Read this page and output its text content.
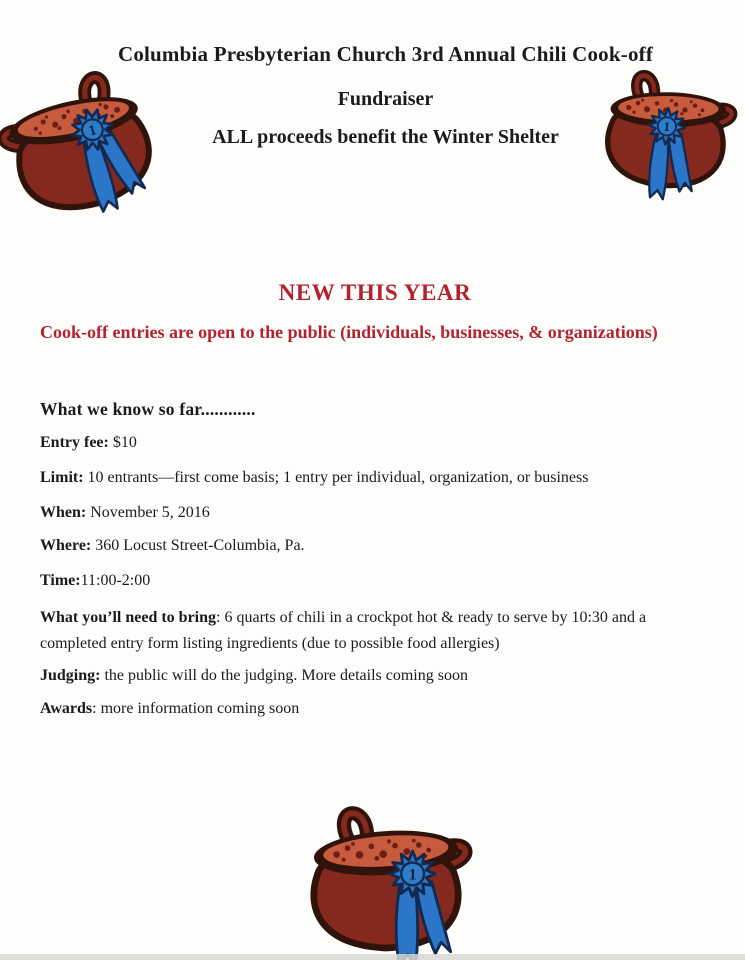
Columbia Presbyterian Church 3rd Annual Chili Cook-off

Fundraiser

ALL proceeds benefit the Winter Shelter

NEW THIS YEAR

Cook-off entries are open to the public (individuals, businesses, & organizations)

What we know so far............

Entry fee: $10

Limit: 10 entrants—first come basis; 1 entry per individual, organization, or business

When: November 5, 2016

Where: 360 Locust Street-Columbia, Pa.

Time:11:00-2:00

What you’ll need to bring: 6 quarts of chili in a crockpot hot & ready to serve by 10:30 and a completed entry form listing ingredients (due to possible food allergies)

Judging: the public will do the judging. More details coming soon

Awards: more information coming soon
